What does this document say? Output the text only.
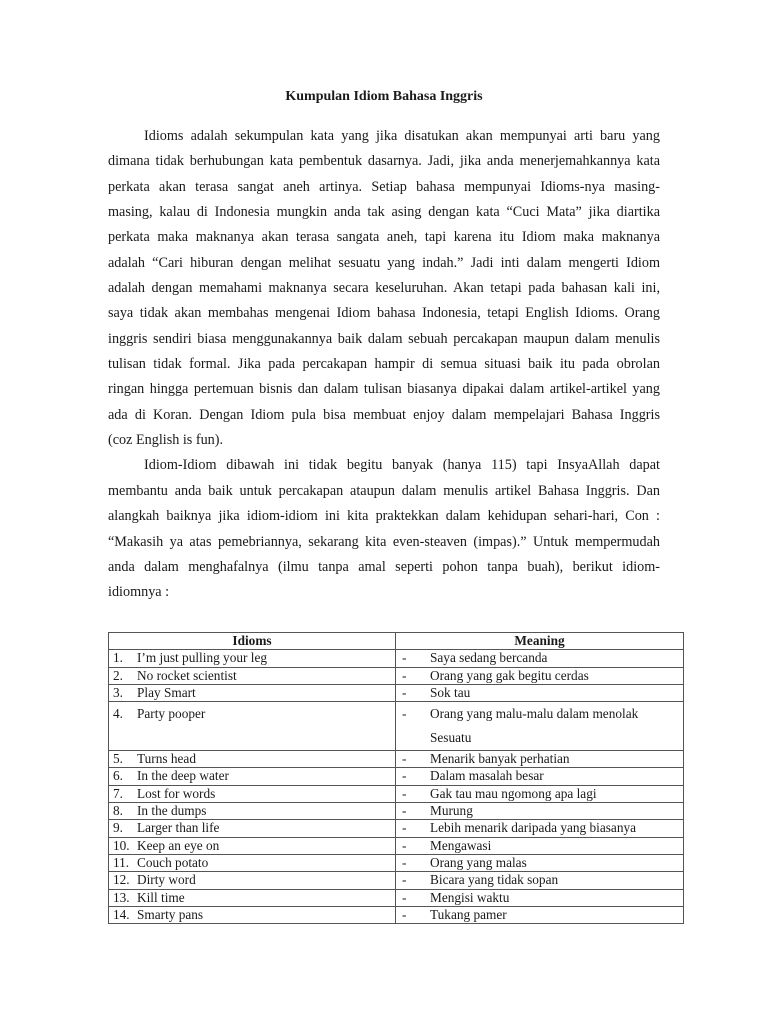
Kumpulan Idiom Bahasa Inggris
Idioms adalah sekumpulan kata yang jika disatukan akan mempunyai arti baru yang
dimana tidak berhubungan kata pembentuk dasarnya. Jadi, jika anda menerjemahkannya kata
perkata akan terasa sangat aneh artinya. Setiap bahasa mempunyai Idioms-nya masing-
masing, kalau di Indonesia mungkin anda tak asing dengan kata “Cuci Mata” jika diartika
perkata maka maknanya akan terasa sangata aneh, tapi karena itu Idiom maka maknanya
adalah “Cari hiburan dengan melihat sesuatu yang indah.” Jadi inti dalam mengerti Idiom
adalah dengan memahami maknanya secara keseluruhan. Akan tetapi pada bahasan kali ini,
saya tidak akan membahas mengenai Idiom bahasa Indonesia, tetapi English Idioms. Orang
inggris sendiri biasa menggunakannya baik dalam sebuah percakapan maupun dalam menulis
tulisan tidak formal. Jika pada percakapan hampir di semua situasi baik itu pada obrolan
ringan hingga pertemuan bisnis dan dalam tulisan biasanya dipakai dalam artikel-artikel yang
ada di Koran. Dengan Idiom pula bisa membuat enjoy dalam mempelajari Bahasa Inggris
(coz English is fun).
Idiom-Idiom dibawah ini tidak begitu banyak (hanya 115) tapi InsyaAllah dapat
membantu anda baik untuk percakapan ataupun dalam menulis artikel Bahasa Inggris. Dan
alangkah baiknya jika idiom-idiom ini kita praktekkan dalam kehidupan sehari-hari, Con :
“Makasih ya atas pemebriannya, sekarang kita even-steaven (impas).” Untuk mempermudah
anda dalam menghafalnya (ilmu tanpa amal seperti pohon tanpa buah), berikut idiom-
idiomnya :
Idioms	Meaning
1. I’m just pulling your leg	- Saya sedang bercanda
2. No rocket scientist	- Orang yang gak begitu cerdas
3. Play Smart	- Sok tau
4. Party pooper	- Orang yang malu-malu dalam menolak
Sesuatu
5. Turns head	- Menarik banyak perhatian
6. In the deep water	- Dalam masalah besar
7. Lost for words	- Gak tau mau ngomong apa lagi
8. In the dumps	- Murung
9. Larger than life	- Lebih menarik daripada yang biasanya
10. Keep an eye on	- Mengawasi
11. Couch potato	- Orang yang malas
12. Dirty word	- Bicara yang tidak sopan
13. Kill time	- Mengisi waktu
14. Smarty pans	- Tukang pamer
